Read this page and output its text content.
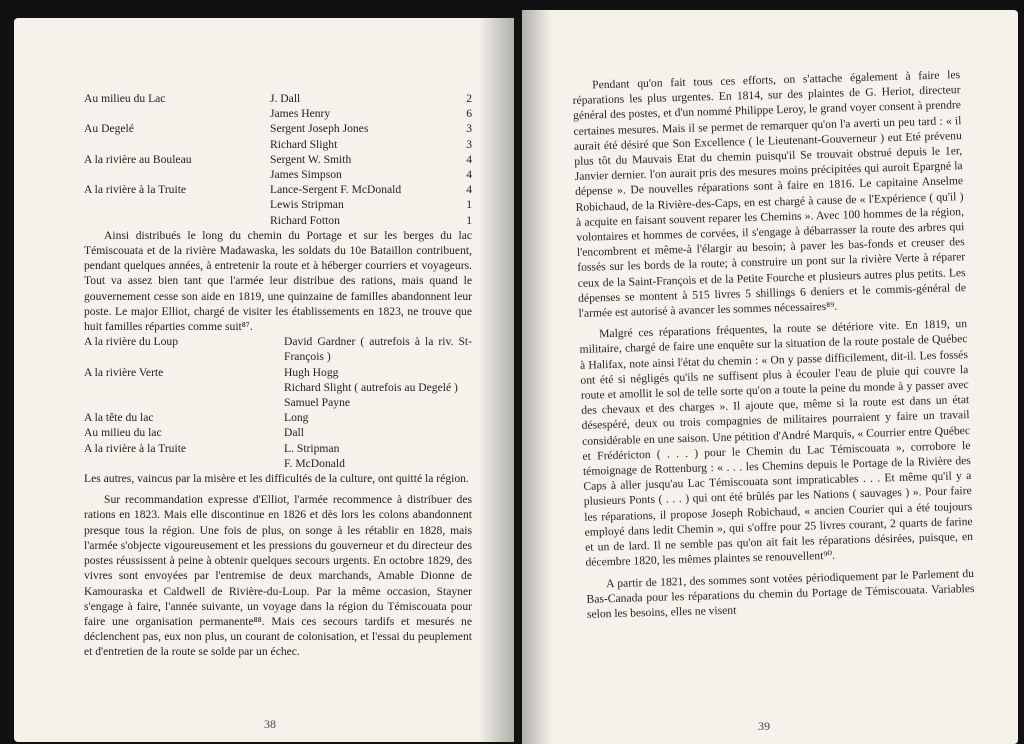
Au milieu du Lac	J. Dall	2
	James Henry	6
Au Degelé	Sergent Joseph Jones	3
	Richard Slight	3
A la rivière au Bouleau	Sergent W. Smith	4
	James Simpson	4
A la rivière à la Truite	Lance-Sergent F. McDonald	4
	Lewis Stripman	1
	Richard Fotton	1

Ainsi distribués le long du chemin du Portage et sur les berges du lac Témiscouata et de la rivière Madawaska, les soldats du 10e Bataillon contribuent, pendant quelques années, à entretenir la route et à héberger courriers et voyageurs. Tout va assez bien tant que l'armée leur distribue des rations, mais quand le gouvernement cesse son aide en 1819, une quinzaine de familles abandonnent leur poste. Le major Elliot, chargé de visiter les établissements en 1823, ne trouve que huit familles réparties comme suit⁸⁷.

A la rivière du Loup	David Gardner ( autrefois à la riv. St-François )
A la rivière Verte	Hugh Hogg
	Richard Slight ( autrefois au Degelé )
	Samuel Payne
A la tête du lac	Long
Au milieu du lac	Dall
A la rivière à la Truite	L. Stripman
	F. McDonald

Les autres, vaincus par la misère et les difficultés de la culture, ont quitté la région.

Sur recommandation expresse d'Elliot, l'armée recommence à distribuer des rations en 1823. Mais elle discontinue en 1826 et dès lors les colons abandonnent presque tous la région. Une fois de plus, on songe à les rétablir en 1828, mais l'armée s'objecte vigoureusement et les pressions du gouverneur et du directeur des postes réussissent à peine à obtenir quelques secours urgents. En octobre 1829, des vivres sont envoyées par l'entremise de deux marchands, Amable Dionne de Kamouraska et Caldwell de Rivière-du-Loup. Par la même occasion, Stayner s'engage à faire, l'année suivante, un voyage dans la région du Témiscouata pour faire une organisation permanente⁸⁸. Mais ces secours tardifs et mesurés ne déclenchent pas, eux non plus, un courant de colonisation, et l'essai du peuplement et d'entretien de la route se solde par un échec.

38

Pendant qu'on fait tous ces efforts, on s'attache également à faire les réparations les plus urgentes. En 1814, sur des plaintes de G. Heriot, directeur général des postes, et d'un nommé Philippe Leroy, le grand voyer consent à prendre certaines mesures. Mais il se permet de remarquer qu'on l'a averti un peu tard : « il aurait été désiré que Son Excellence ( le Lieutenant-Gouverneur ) eut Eté prévenu plus tôt du Mauvais Etat du chemin puisqu'il Se trouvait obstrué depuis le 1er, Janvier dernier. l'on aurait pris des mesures moins précipitées qui auroit Epargné la dépense ». De nouvelles réparations sont à faire en 1816. Le capitaine Anselme Robichaud, de la Rivière-des-Caps, en est chargé à cause de « l'Expérience ( qu'il ) à acquite en faisant souvent reparer les Chemins ». Avec 100 hommes de la région, volontaires et hommes de corvées, il s'engage à débarrasser la route des arbres qui l'encombrent et même-à l'élargir au besoin; à paver les bas-fonds et creuser des fossés sur les bords de la route; à construire un pont sur la rivière Verte à réparer ceux de la Saint-François et de la Petite Fourche et plusieurs autres plus petits. Les dépenses se montent à 515 livres 5 shillings 6 deniers et le commis-général de l'armée est autorisé à avancer les sommes nécessaires⁸⁹.

Malgré ces réparations fréquentes, la route se détériore vite. En 1819, un militaire, chargé de faire une enquête sur la situation de la route postale de Québec à Halifax, note ainsi l'état du chemin : « On y passe difficilement, dit-il. Les fossés ont été si négligés qu'ils ne suffisent plus à écouler l'eau de pluie qui couvre la route et amollit le sol de telle sorte qu'on a toute la peine du monde à y passer avec des chevaux et des charges ». Il ajoute que, même si la route est dans un état désespéré, deux ou trois compagnies de militaires pourraient y faire un travail considérable en une saison. Une pétition d'André Marquis, « Courrier entre Québec et Frédéricton ( . . . ) pour le Chemin du Lac Témiscouata », corrobore le témoignage de Rottenburg : « . . . les Chemins depuis le Portage de la Rivière des Caps à aller jusqu'au Lac Témiscouata sont impraticables . . . Et même qu'il y a plusieurs Ponts ( . . . ) qui ont été brûlés par les Nations ( sauvages ) ». Pour faire les réparations, il propose Joseph Robichaud, « ancien Courier qui a été toujours employé dans ledit Chemin », qui s'offre pour 25 livres courant, 2 quarts de farine et un de lard. Il ne semble pas qu'on ait fait les réparations désirées, puisque, en décembre 1820, les mêmes plaintes se renouvellent⁹⁰.

A partir de 1821, des sommes sont votées périodiquement par le Parlement du Bas-Canada pour les réparations du chemin du Portage de Témiscouata. Variables selon les besoins, elles ne visent

39
